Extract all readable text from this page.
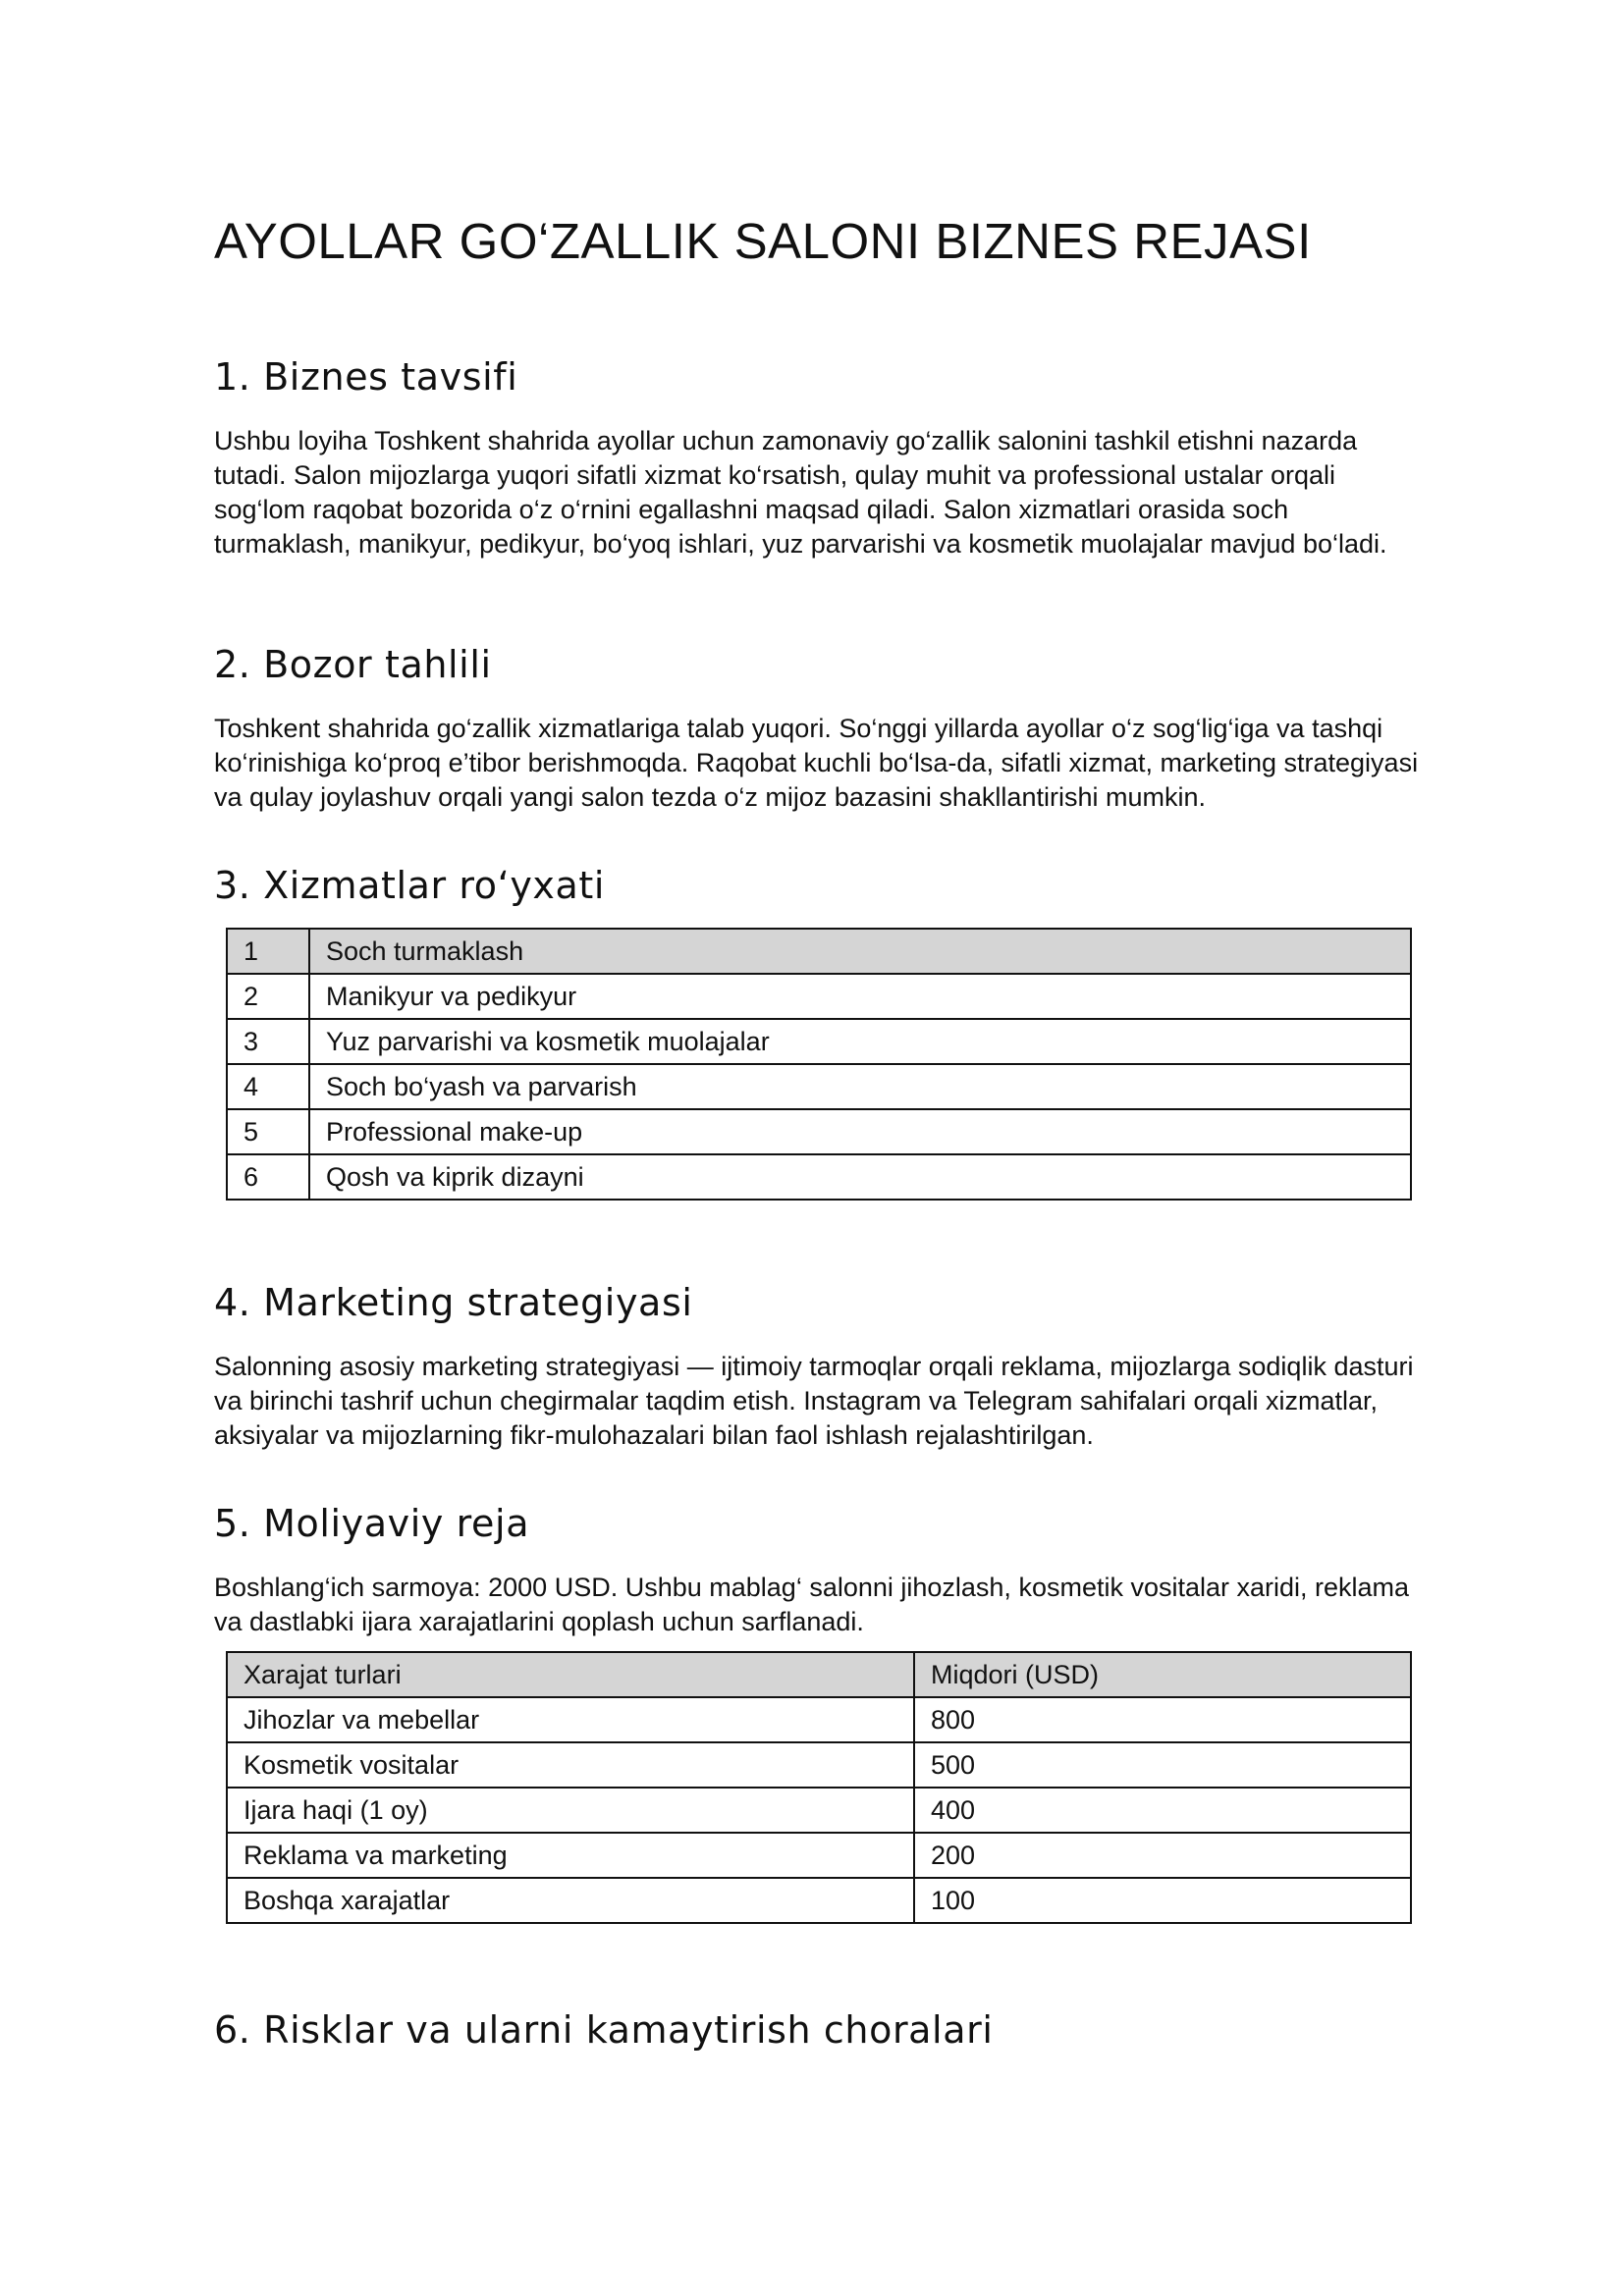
AYOLLAR GO‘ZALLIK SALONI BIZNES REJASI
1. Biznes tavsifi

Ushbu loyiha Toshkent shahrida ayollar uchun zamonaviy go‘zallik salonini tashkil etishni nazarda tutadi. Salon mijozlarga yuqori sifatli xizmat ko‘rsatish, qulay muhit va professional ustalar orqali sog‘lom raqobat bozorida o‘z o‘rnini egallashni maqsad qiladi. Salon xizmatlari orasida soch turmaklash, manikyur, pedikyur, bo‘yoq ishlari, yuz parvarishi va kosmetik muolajalar mavjud bo‘ladi.

2. Bozor tahlili

Toshkent shahrida go‘zallik xizmatlariga talab yuqori. So‘nggi yillarda ayollar o‘z sog‘lig‘iga va tashqi ko‘rinishiga ko‘proq e’tibor berishmoqda. Raqobat kuchli bo‘lsa-da, sifatli xizmat, marketing strategiyasi va qulay joylashuv orqali yangi salon tezda o‘z mijoz bazasini shakllantirishi mumkin.

3. Xizmatlar ro‘yxati
1	Soch turmaklash
2	Manikyur va pedikyur
3	Yuz parvarishi va kosmetik muolajalar
4	Soch bo‘yash va parvarish
5	Professional make-up
6	Qosh va kiprik dizayni
4. Marketing strategiyasi

Salonning asosiy marketing strategiyasi — ijtimoiy tarmoqlar orqali reklama, mijozlarga sodiqlik dasturi va birinchi tashrif uchun chegirmalar taqdim etish. Instagram va Telegram sahifalari orqali xizmatlar, aksiyalar va mijozlarning fikr-mulohazalari bilan faol ishlash rejalashtirilgan.

5. Moliyaviy reja

Boshlang‘ich sarmoya: 2000 USD. Ushbu mablag‘ salonni jihozlash, kosmetik vositalar xaridi, reklama va dastlabki ijara xarajatlarini qoplash uchun sarflanadi.

Xarajat turlari	Miqdori (USD)
Jihozlar va mebellar	800
Kosmetik vositalar	500
Ijara haqi (1 oy)	400
Reklama va marketing	200
Boshqa xarajatlar	100
6. Risklar va ularni kamaytirish choralari
